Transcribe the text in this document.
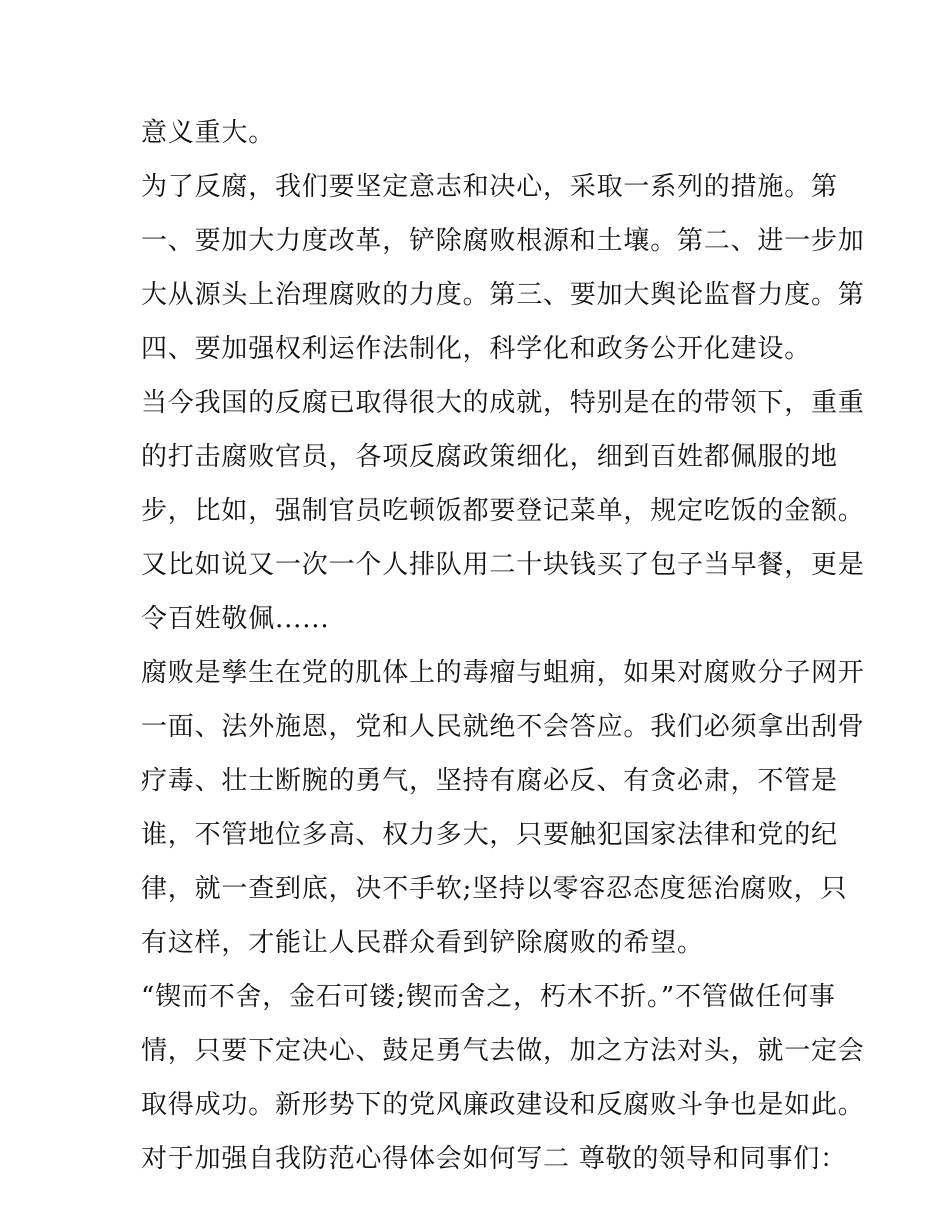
意义重大。
为了反腐，我们要坚定意志和决心，采取一系列的措施。第
一、要加大力度改革，铲除腐败根源和土壤。第二、进一步加
大从源头上治理腐败的力度。第三、要加大舆论监督力度。第
四、要加强权利运作法制化，科学化和政务公开化建设。
当今我国的反腐已取得很大的成就，特别是在的带领下，重重
的打击腐败官员，各项反腐政策细化，细到百姓都佩服的地
步，比如，强制官员吃顿饭都要登记菜单，规定吃饭的金额。
又比如说又一次一个人排队用二十块钱买了包子当早餐，更是
令百姓敬佩......
腐败是孳生在党的肌体上的毒瘤与蛆痈，如果对腐败分子网开
一面、法外施恩，党和人民就绝不会答应。我们必须拿出刮骨
疗毒、壮士断腕的勇气，坚持有腐必反、有贪必肃，不管是
谁，不管地位多高、权力多大，只要触犯国家法律和党的纪
律，就一查到底，决不手软;坚持以零容忍态度惩治腐败，只
有这样，才能让人民群众看到铲除腐败的希望。
“锲而不舍，金石可镂;锲而舍之，朽木不折。”不管做任何事
情，只要下定决心、鼓足勇气去做，加之方法对头，就一定会
取得成功。新形势下的党风廉政建设和反腐败斗争也是如此。
对于加强自我防范心得体会如何写二 尊敬的领导和同事们：
